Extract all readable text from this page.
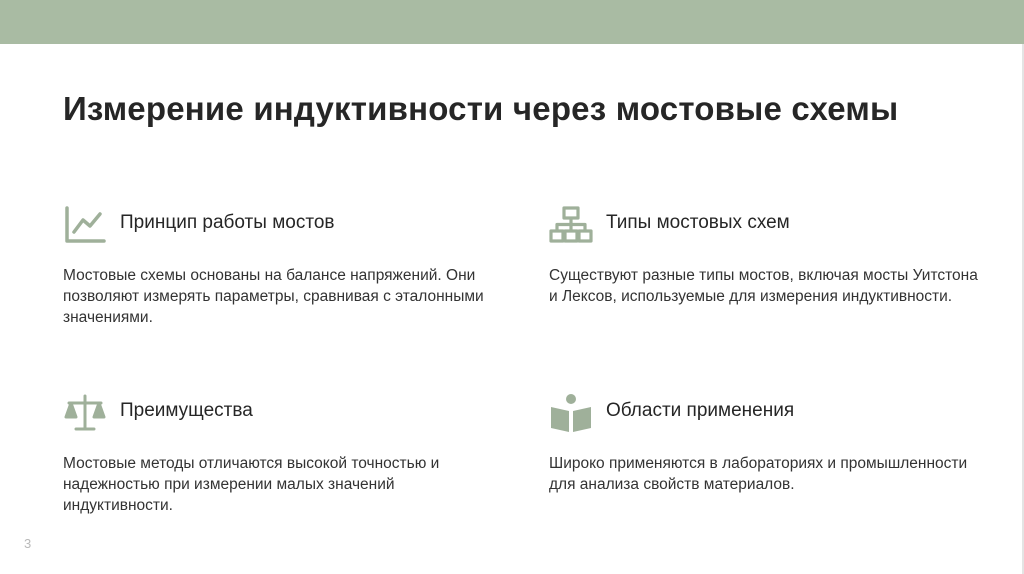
Измерение индуктивности через мостовые схемы
Принцип работы мостов

Мостовые схемы основаны на балансе напряжений. Они позволяют измерять параметры, сравнивая с эталонными значениями.

Типы мостовых схем

Существуют разные типы мостов, включая мосты Уитстона и Лексов, используемые для измерения индуктивности.

Преимущества

Мостовые методы отличаются высокой точностью и надежностью при измерении малых значений индуктивности.

Области применения

Широко применяются в лабораториях и промышленности для анализа свойств материалов.

3
